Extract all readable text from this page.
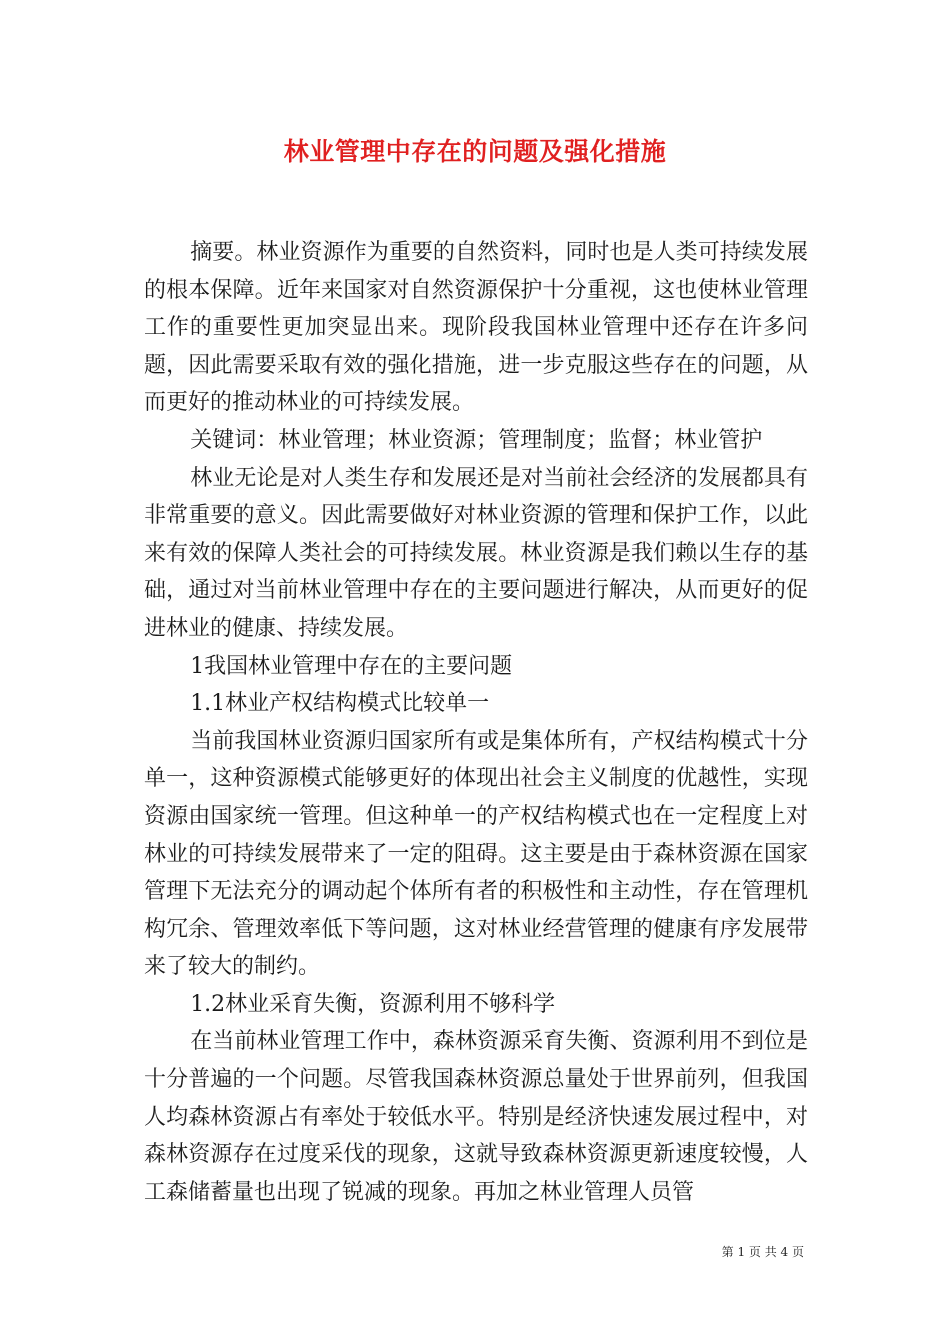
林业管理中存在的问题及强化措施

摘要。林业资源作为重要的自然资料，同时也是人类可持续发展的根本保障。近年来国家对自然资源保护十分重视，这也使林业管理工作的重要性更加突显出来。现阶段我国林业管理中还存在许多问题，因此需要采取有效的强化措施，进一步克服这些存在的问题，从而更好的推动林业的可持续发展。

关键词：林业管理；林业资源；管理制度；监督；林业管护

林业无论是对人类生存和发展还是对当前社会经济的发展都具有非常重要的意义。因此需要做好对林业资源的管理和保护工作，以此来有效的保障人类社会的可持续发展。林业资源是我们赖以生存的基础，通过对当前林业管理中存在的主要问题进行解决，从而更好的促进林业的健康、持续发展。

1我国林业管理中存在的主要问题

1.1林业产权结构模式比较单一

当前我国林业资源归国家所有或是集体所有，产权结构模式十分单一，这种资源模式能够更好的体现出社会主义制度的优越性，实现资源由国家统一管理。但这种单一的产权结构模式也在一定程度上对林业的可持续发展带来了一定的阻碍。这主要是由于森林资源在国家管理下无法充分的调动起个体所有者的积极性和主动性，存在管理机构冗余、管理效率低下等问题，这对林业经营管理的健康有序发展带来了较大的制约。

1.2林业采育失衡，资源利用不够科学

在当前林业管理工作中，森林资源采育失衡、资源利用不到位是十分普遍的一个问题。尽管我国森林资源总量处于世界前列，但我国人均森林资源占有率处于较低水平。特别是经济快速发展过程中，对森林资源存在过度采伐的现象，这就导致森林资源更新速度较慢，人工森储蓄量也出现了锐减的现象。再加之林业管理人员管

第 1 页 共 4 页
